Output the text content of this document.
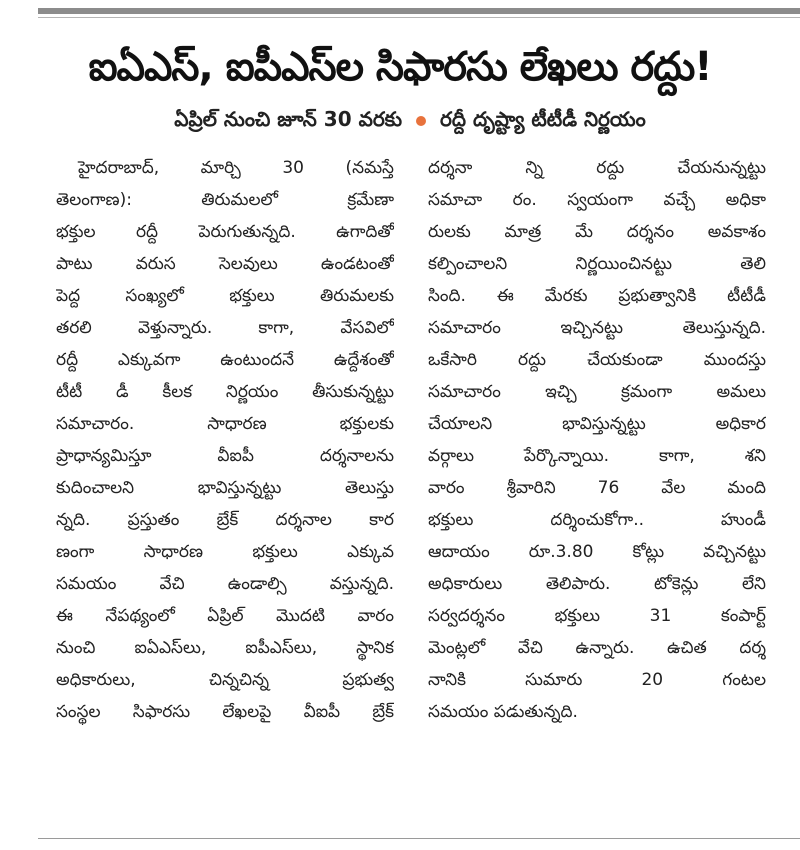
ఐఏఎస్, ఐపీఎస్‌ల సిఫారసు లేఖలు రద్దు!
ఏప్రిల్ నుంచి జూన్ 30 వరకు రద్దీ దృష్ట్యా టీటీడీ నిర్ణయం
హైదరాబాద్, మార్చి 30 (నమస్తే
తెలంగాణ): తిరుమలలో క్రమేణా
భక్తుల రద్దీ పెరుగుతున్నది. ఉగాదితో
పాటు వరుస సెలవులు ఉండటంతో
పెద్ద సంఖ్యలో భక్తులు తిరుమలకు
తరలి వెళ్తున్నారు. కాగా, వేసవిలో
రద్దీ ఎక్కువగా ఉంటుందనే ఉద్దేశంతో
టీటీ డీ కీలక నిర్ణయం తీసుకున్నట్టు
సమాచారం. సాధారణ భక్తులకు
ప్రాధాన్యమిస్తూ వీఐపీ దర్శనాలను
కుదించాలని భావిస్తున్నట్టు తెలుస్తు
న్నది. ప్రస్తుతం బ్రేక్ దర్శనాల కార
ణంగా సాధారణ భక్తులు ఎక్కువ
సమయం వేచి ఉండాల్సి వస్తున్నది.
ఈ నేపథ్యంలో ఏప్రిల్ మొదటి వారం
నుంచి ఐఏఎస్‌లు, ఐపీఎస్‌లు, స్థానిక
అధికారులు, చిన్నచిన్న ప్రభుత్వ
సంస్థల సిఫారసు లేఖలపై వీఐపీ బ్రేక్
దర్శనా న్ని రద్దు చేయనున్నట్టు
సమాచా రం. స్వయంగా వచ్చే అధికా
రులకు మాత్ర మే దర్శనం అవకాశం
కల్పించాలని నిర్ణయించినట్టు తెలి
సింది. ఈ మేరకు ప్రభుత్వానికి టీటీడీ
సమాచారం ఇచ్చినట్టు తెలుస్తున్నది.
ఒకేసారి రద్దు చేయకుండా ముందస్తు
సమాచారం ఇచ్చి క్రమంగా అమలు
చేయాలని భావిస్తున్నట్టు అధికార
వర్గాలు పేర్కొన్నాయి. కాగా, శని
వారం శ్రీవారిని 76 వేల మంది
భక్తులు దర్శించుకోగా.. హుండీ
ఆదాయం రూ.3.80 కోట్లు వచ్చినట్టు
అధికారులు తెలిపారు. టోకెన్లు లేని
సర్వదర్శనం భక్తులు 31 కంపార్ట్
మెంట్లలో వేచి ఉన్నారు. ఉచిత దర్శ
నానికి సుమారు 20 గంటల
సమయం పడుతున్నది.
